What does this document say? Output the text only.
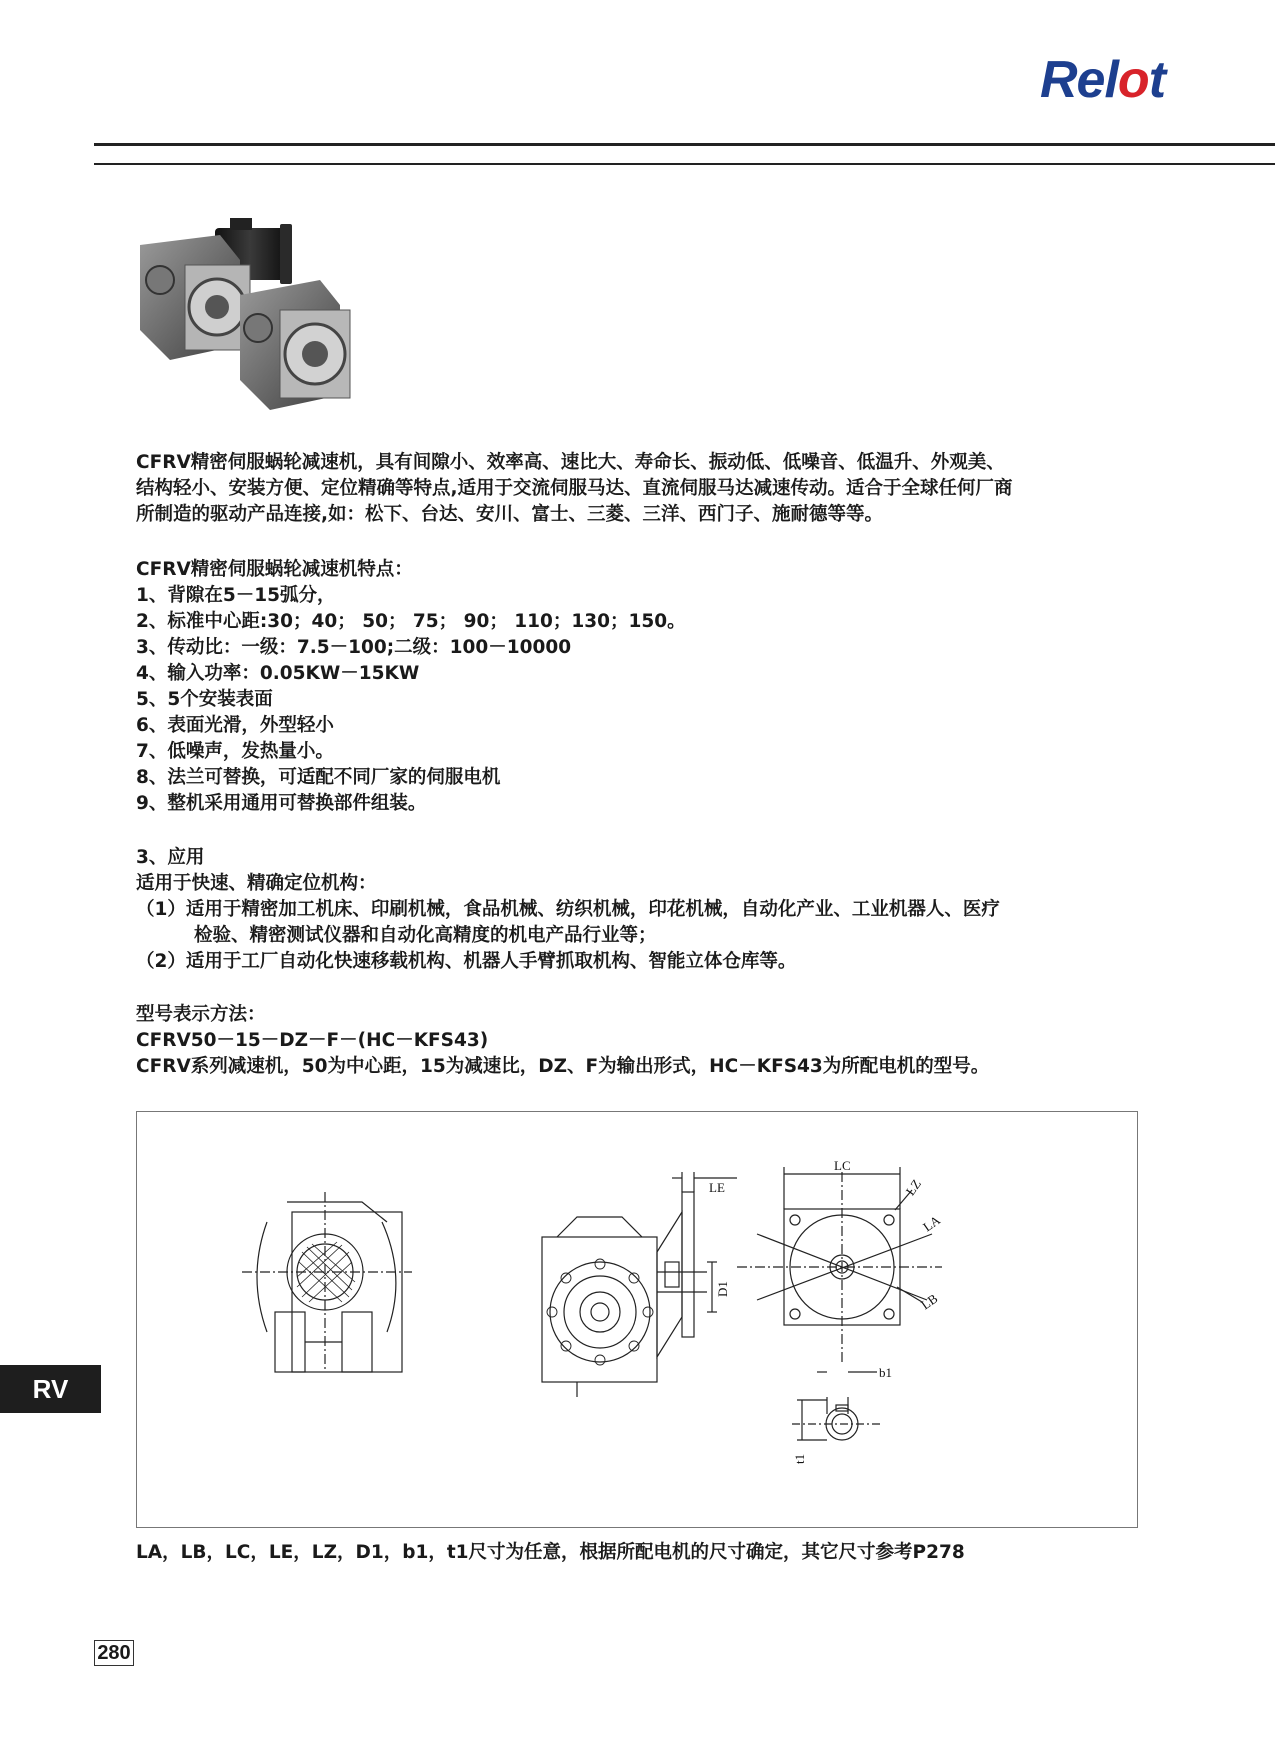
Relot
CFRV精密伺服蜗轮减速机，具有间隙小、效率高、速比大、寿命长、振动低、低噪音、低温升、外观美、
结构轻小、安装方便、定位精确等特点,适用于交流伺服马达、直流伺服马达减速传动。适合于全球任何厂商
所制造的驱动产品连接,如：松下、台达、安川、富士、三菱、三洋、西门子、施耐德等等。
CFRV精密伺服蜗轮减速机特点：
1、背隙在5－15弧分，
2、标准中心距:30；40； 50； 75； 90； 110；130；150。
3、传动比：一级：7.5－100;二级：100－10000
4、输入功率：0.05KW－15KW
5、5个安装表面
6、表面光滑，外型轻小
7、低噪声，发热量小。
8、法兰可替换，可适配不同厂家的伺服电机
9、整机采用通用可替换部件组装。
3、应用
适用于快速、精确定位机构：
（1）适用于精密加工机床、印刷机械，食品机械、纺织机械，印花机械，自动化产业、工业机器人、医疗
检验、精密测试仪器和自动化高精度的机电产品行业等；
（2）适用于工厂自动化快速移载机构、机器人手臂抓取机构、智能立体仓库等。
型号表示方法：
CFRV50－15－DZ－F－(HC－KFS43)
CFRV系列减速机，50为中心距，15为减速比，DZ、F为输出形式，HC－KFS43为所配电机的型号。
LE
D1
LC
LZ
LA
LB
b1
t1
LA，LB，LC，LE，LZ，D1，b1，t1尺寸为任意，根据所配电机的尺寸确定，其它尺寸参考P278
RV
280
